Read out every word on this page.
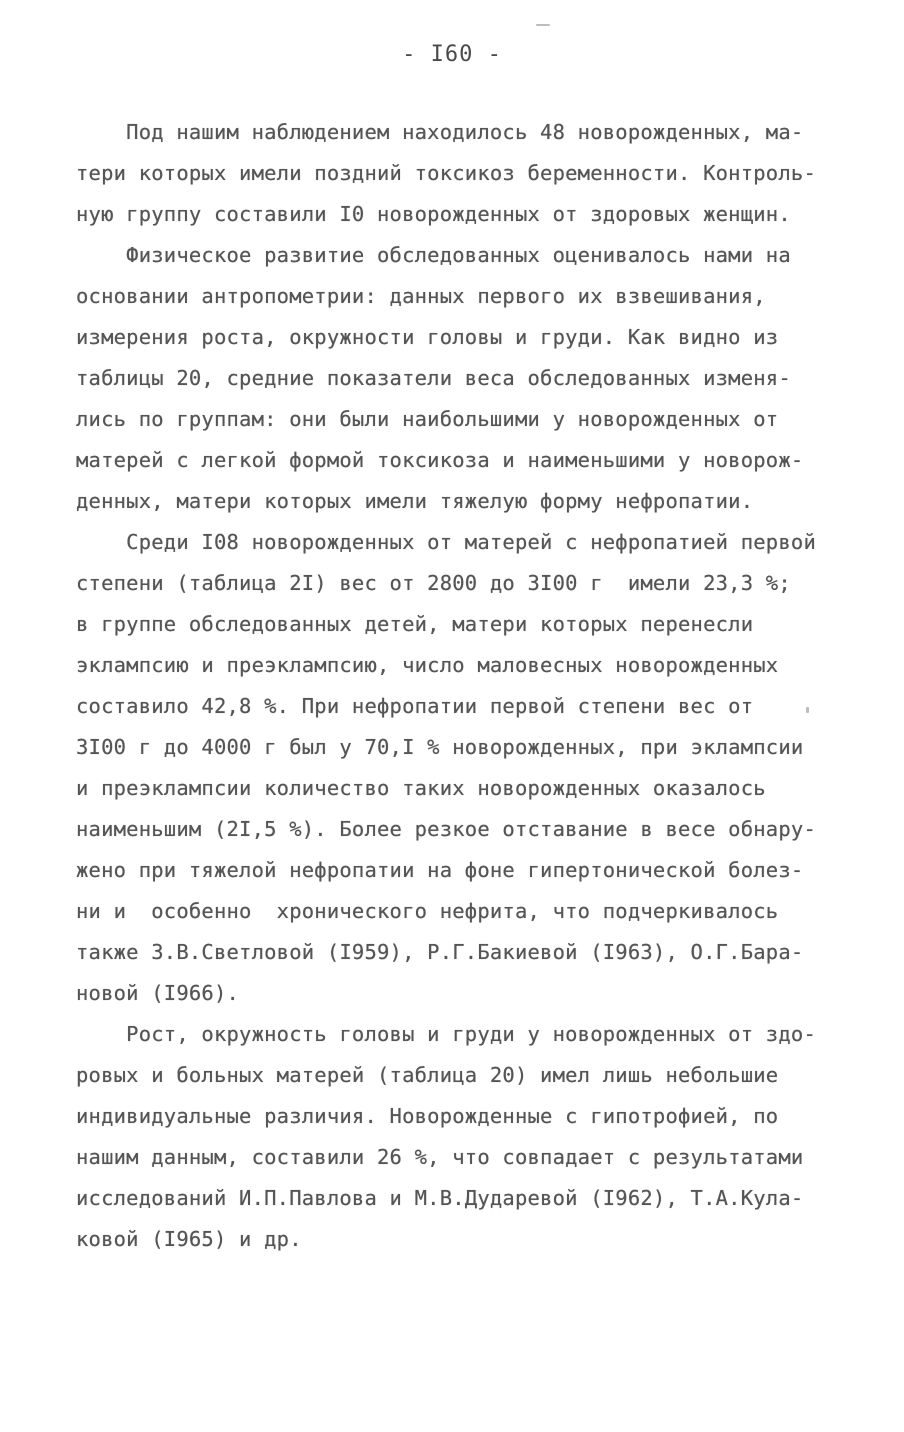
- I60 -
Под нашим наблюдением находилось 48 новорожденных, ма-
тери которых имели поздний токсикоз беременности. Контроль-
ную группу составили I0 новорожденных от здоровых женщин.
Физическое развитие обследованных оценивалось нами на
основании антропометрии: данных первого их взвешивания,
измерения роста, окружности головы и груди. Как видно из
таблицы 20, средние показатели веса обследованных изменя-
лись по группам: они были наибольшими у новорожденных от
матерей с легкой формой токсикоза и наименьшими у новорож-
денных, матери которых имели тяжелую форму нефропатии.
Среди I08 новорожденных от матерей с нефропатией первой
степени (таблица 2I) вес от 2800 до 3I00 г  имели 23,3 %;
в группе обследованных детей, матери которых перенесли
эклампсию и преэклампсию, число маловесных новорожденных
составило 42,8 %. При нефропатии первой степени вес от
3I00 г до 4000 г был у 70,I % новорожденных, при эклампсии
и преэклампсии количество таких новорожденных оказалось
наименьшим (2I,5 %). Более резкое отставание в весе обнару-
жено при тяжелой нефропатии на фоне гипертонической болез-
ни и  особенно  хронического нефрита, что подчеркивалось
также З.В.Светловой (I959), Р.Г.Бакиевой (I963), О.Г.Бара-
новой (I966).
Рост, окружность головы и груди у новорожденных от здо-
ровых и больных матерей (таблица 20) имел лишь небольшие
индивидуальные различия. Новорожденные с гипотрофией, по
нашим данным, составили 26 %, что совпадает с результатами
исследований И.П.Павлова и М.В.Дударевой (I962), Т.А.Кула-
ковой (I965) и др.
